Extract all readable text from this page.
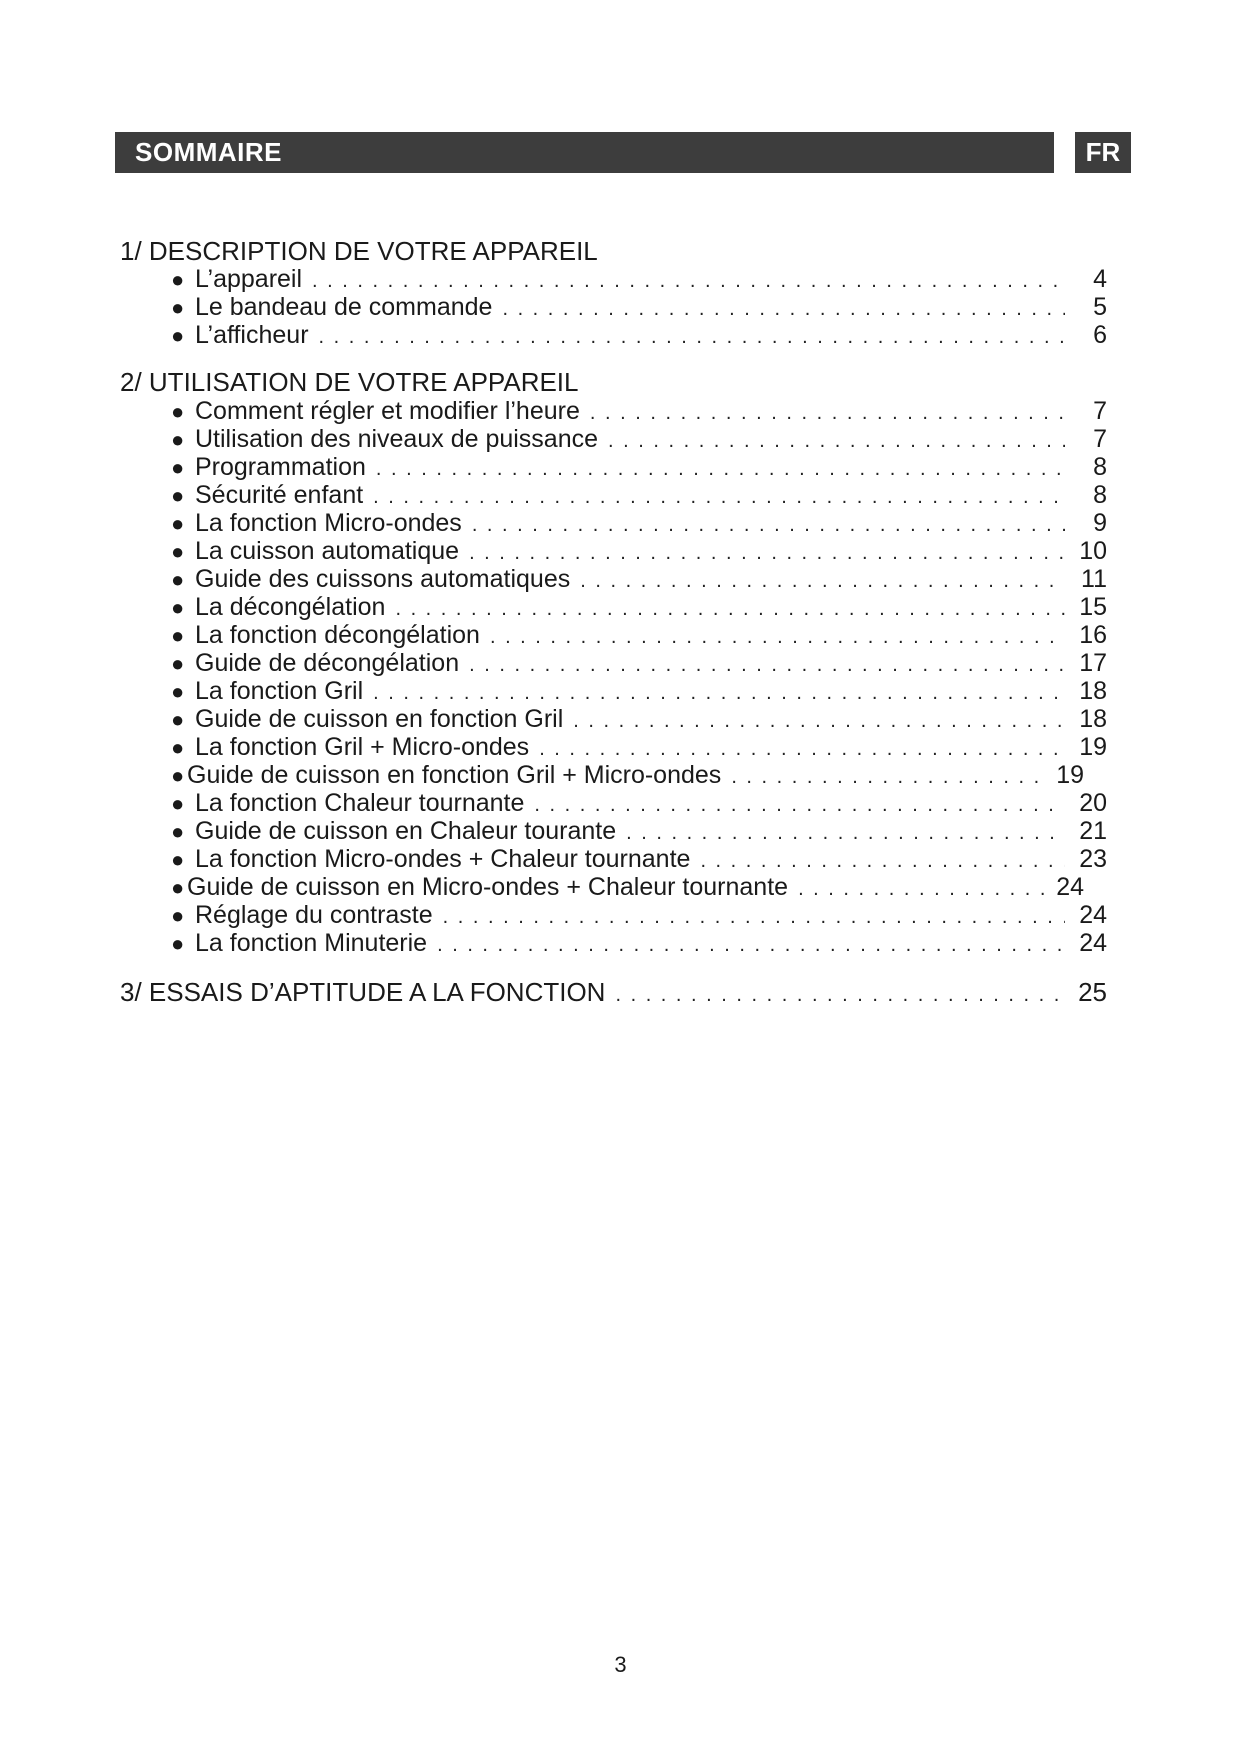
SOMMAIRE	FR
1/ DESCRIPTION DE VOTRE APPAREIL
● L’appareil . . .	4
● Le bandeau de commande . . .	5
● L’afficheur . . .	6
2/ UTILISATION DE VOTRE APPAREIL
● Comment régler et modifier l’heure . . .	7
● Utilisation des niveaux de puissance . . .	7
● Programmation . . .	8
● Sécurité enfant . . .	8
● La fonction Micro-ondes . . .	9
● La cuisson automatique . . .	10
● Guide des cuissons automatiques . . .	11
● La décongélation . . .	15
● La fonction décongélation . . .	16
● Guide de décongélation . . .	17
● La fonction Gril . . .	18
● Guide de cuisson en fonction Gril . . .	18
● La fonction Gril + Micro-ondes . . .	19
● Guide de cuisson en fonction Gril + Micro-ondes . . .	19
● La fonction Chaleur tournante . . .	20
● Guide de cuisson en Chaleur tourante . . .	21
● La fonction Micro-ondes + Chaleur tournante . . .	23
● Guide de cuisson en Micro-ondes + Chaleur tournante . . .	24
● Réglage du contraste . . .	24
● La fonction Minuterie . . .	24
3/ ESSAIS D’APTITUDE A LA FONCTION . . .	25
3
